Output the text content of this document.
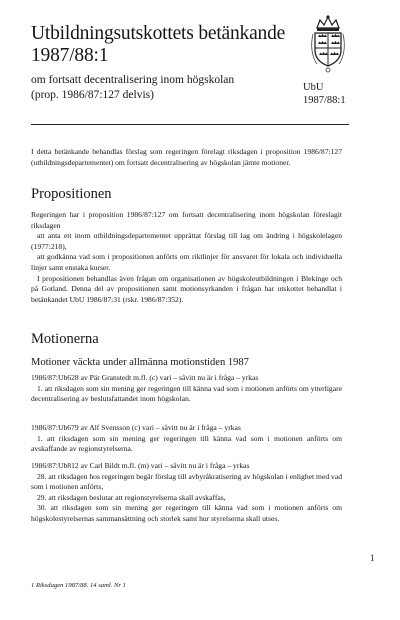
Utbildningsutskottets betänkande
1987/88:1
om fortsatt decentralisering inom högskolan
(prop. 1986/87:127 delvis)
UbU
1987/88:1

I detta betänkande behandlas förslag som regeringen förelagt riksdagen i proposition 1986/87:127 (utbildningsdepartementet) om fortsatt decentralisering av högskolan jämte motioner.

Propositionen

Regeringen har i proposition 1986/87:127 om fortsatt decentralisering inom högskolan föreslagit riksdagen

att anta ett inom utbildningsdepartementet upprättat förslag till lag om ändring i högskolelagen (1977:218),

att godkänna vad som i propositionen anförts om riktlinjer för ansvaret för lokala och individuella linjer samt enstaka kurser.

I propositionen behandlas även frågan om organisationen av högskoleutbildningen i Blekinge och på Gotland. Denna del av propositionen samt motionsyrkanden i frågan har utskottet behandlat i betänkandet UbU 1986/87:31 (rskr. 1986/87:352).

Motionerna
Motioner väckta under allmänna motionstiden 1987

1986/87:Ub628 av Pär Granstedt m.fl. (c) vari – såvitt nu är i fråga – yrkas

1. att riksdagen som sin mening ger regeringen till känna vad som i motionen anförts om ytterligare decentralisering av beslutsfattandet inom högskolan.

1986/87:Ub679 av Alf Svensson (c) vari – såvitt nu är i fråga – yrkas

1. att riksdagen som sin mening ger regeringen till känna vad som i motionen anförts om avskaffande av regionstyrelserna.

1986/87:Ub812 av Carl Bildt m.fl. (m) vari – såvitt nu är i fråga – yrkas

28. att riksdagen hos regeringen begär förslag till avbyråkratisering av högskolan i enlighet med vad som i motionen anförts,

29. att riksdagen beslutar att regionstyrelserna skall avskaffas,

30. att riksdagen som sin mening ger regeringen till känna vad som i motionen anförts om högskolestyrelsernas sammansättning och storlek samt hur styrelserna skall utses.

1
1 Riksdagen 1987/88. 14 saml. Nr 1
